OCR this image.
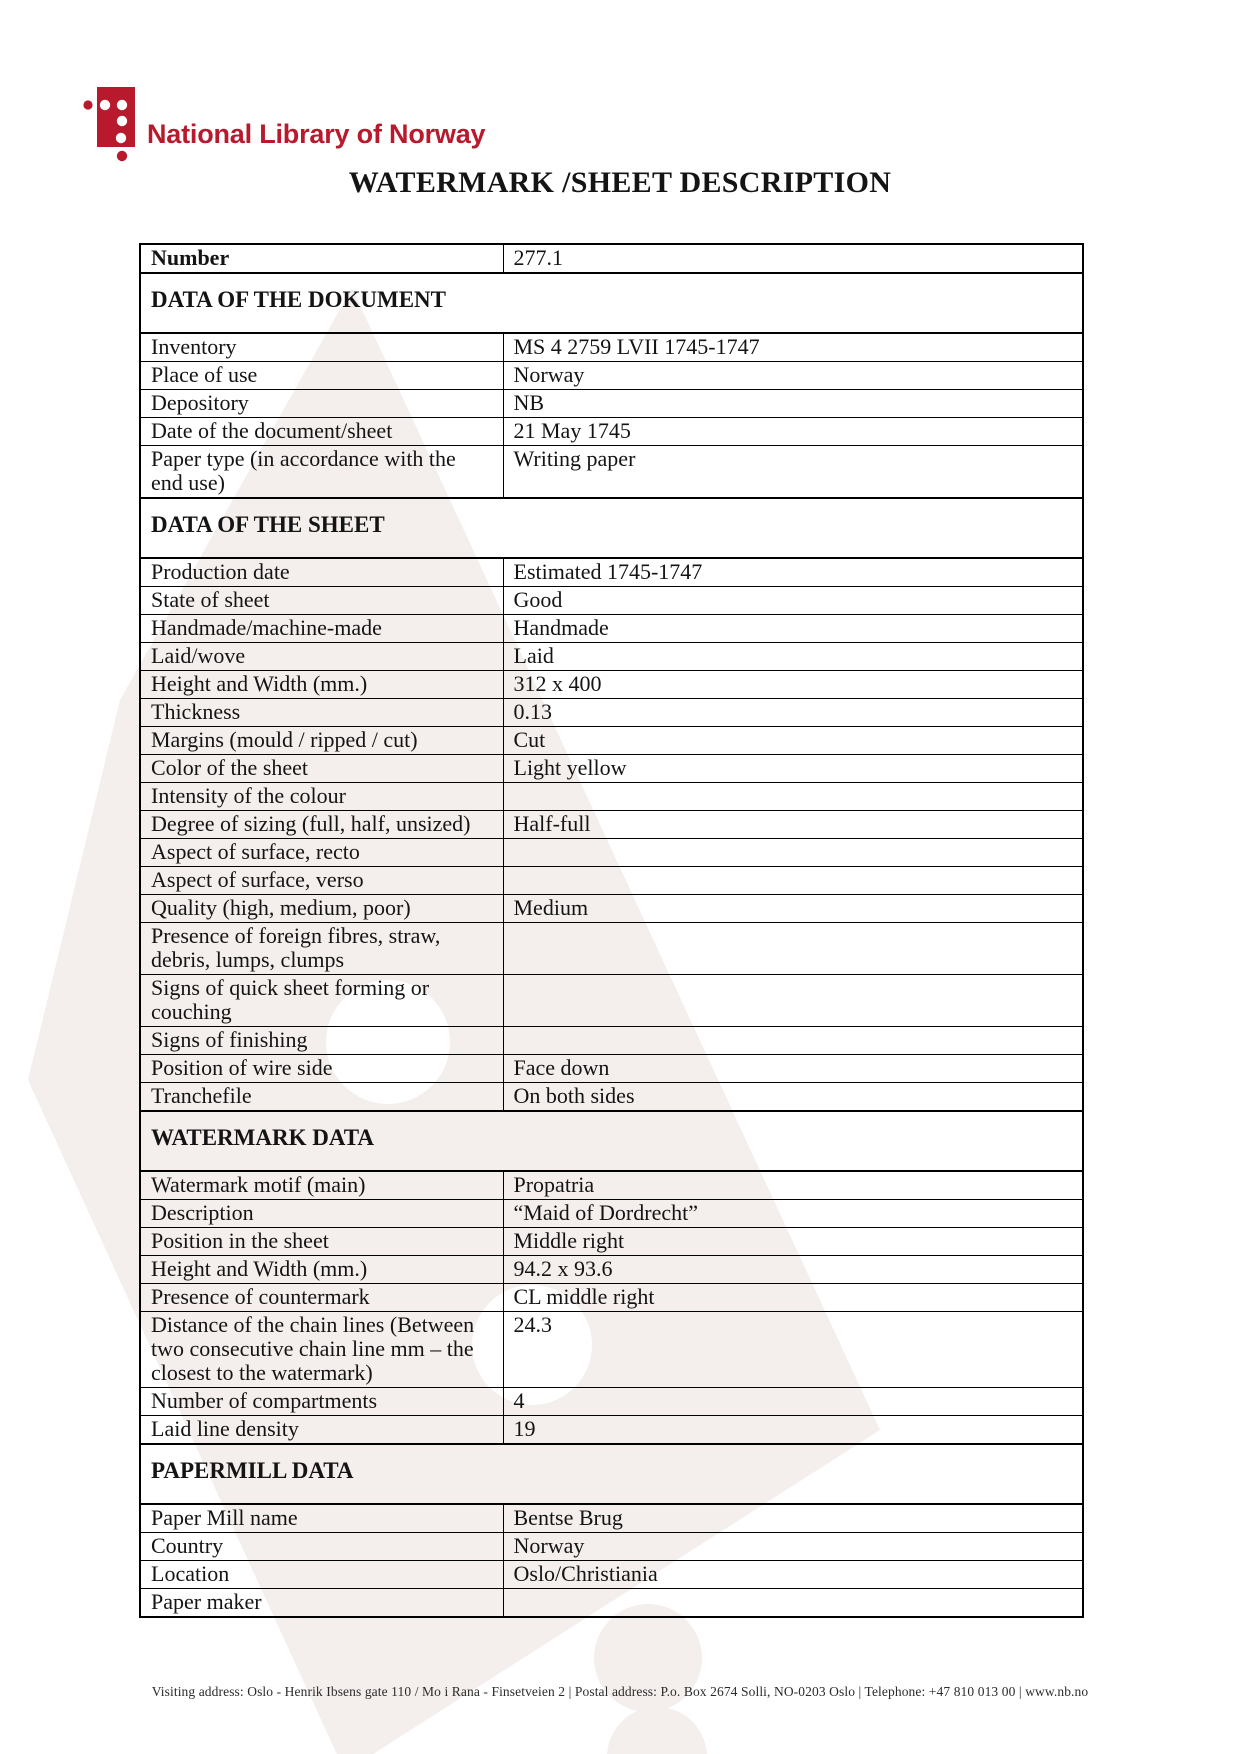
National Library of Norway
WATERMARK /SHEET DESCRIPTION
Number	277.1
DATA OF THE DOKUMENT	
Inventory	MS 4 2759 LVII 1745-1747
Place of use	Norway
Depository	NB
Date of the document/sheet	21 May 1745
Paper type (in accordance with the end use)	Writing paper
DATA OF THE SHEET	
Production date	Estimated 1745-1747
State of sheet	Good
Handmade/machine-made	Handmade
Laid/wove	Laid
Height and Width (mm.)	312 x 400
Thickness	0.13
Margins (mould / ripped / cut)	Cut
Color of the sheet	Light yellow
Intensity of the colour	
Degree of sizing (full, half, unsized)	Half-full
Aspect of surface, recto	
Aspect of surface, verso	
Quality (high, medium, poor)	Medium
Presence of foreign fibres, straw, debris, lumps, clumps	
Signs of quick sheet forming or couching	
Signs of finishing	
Position of wire side	Face down
Tranchefile	On both sides
WATERMARK DATA	
Watermark motif (main)	Propatria
Description	“Maid of Dordrecht”
Position in the sheet	Middle right
Height and Width (mm.)	94.2 x 93.6
Presence of countermark	CL middle right
Distance of the chain lines (Between two consecutive chain line mm – the closest to the watermark)	24.3
Number of compartments	4
Laid line density	19
PAPERMILL DATA	
Paper Mill name	Bentse Brug
Country	Norway
Location	Oslo/Christiania
Paper maker	
Visiting address: Oslo - Henrik Ibsens gate 110 / Mo i Rana - Finsetveien 2 | Postal address: P.o. Box 2674 Solli, NO-0203 Oslo | Telephone: +47 810 013 00 | www.nb.no
